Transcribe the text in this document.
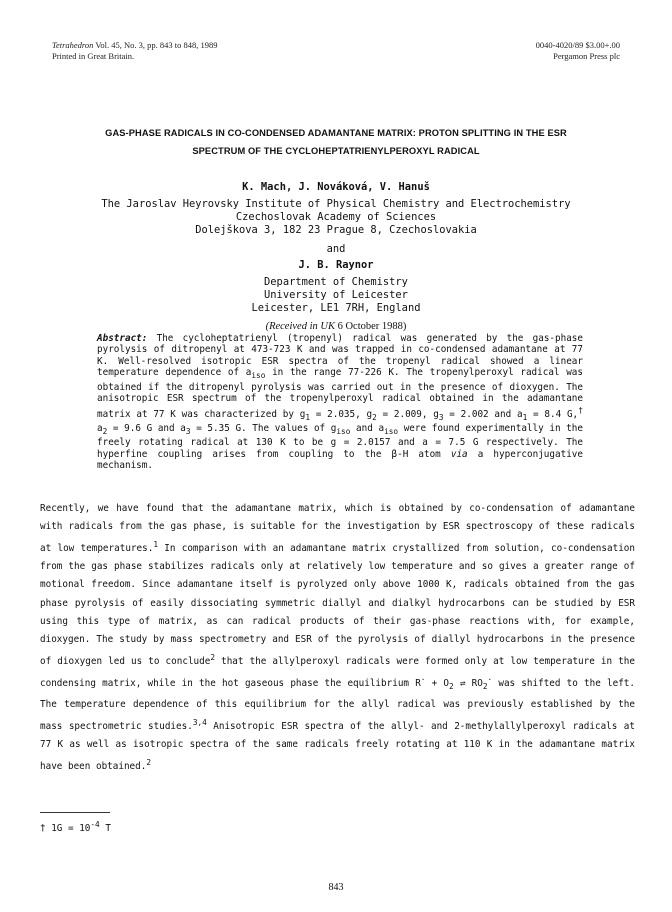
Tetrahedron Vol. 45, No. 3, pp. 843 to 848, 1989
Printed in Great Britain.
0040-4020/89 $3.00+.00
Pergamon Press plc
GAS-PHASE RADICALS IN CO-CONDENSED ADAMANTANE MATRIX: PROTON SPLITTING IN THE ESR
SPECTRUM OF THE CYCLOHEPTATRIENYLPEROXYL RADICAL
K. Mach, J. Nováková, V. Hanuš
The Jaroslav Heyrovsky Institute of Physical Chemistry and Electrochemistry
Czechoslovak Academy of Sciences
Dolejškova 3, 182 23 Prague 8, Czechoslovakia
and
J. B. Raynor
Department of Chemistry
University of Leicester
Leicester, LE1 7RH, England
(Received in UK 6 October 1988)
Abstract: The cycloheptatrienyl (tropenyl) radical was generated by the gas-phase pyrolysis of ditropenyl at 473-723 K and was trapped in co-condensed adamantane at 77 K. Well-resolved isotropic ESR spectra of the tropenyl radical showed a linear temperature dependence of $a_{iso}$ in the range 77-226 K. The tropenylperoxyl radical was obtained if the ditropenyl pyrolysis was carried out in the presence of dioxygen. The anisotropic ESR spectrum of the tropenylperoxyl radical obtained in the adamantane matrix at 77 K was characterized by $g_1 = 2.035$, $g_2 = 2.009$, $g_3 = 2.002$ and $a_1 = 8.4$ G,† $a_2 = 9.6$ G and $a_3 = 5.35$ G. The values of $g_{iso}$ and $a_{iso}$ were found experimentally in the freely rotating radical at 130 K to be g = 2.0157 and a = 7.5 G respectively. The hyperfine coupling arises from coupling to the β-H atom via a hyperconjugative mechanism.

Recently, we have found that the adamantane matrix, which is obtained by co-condensation of adamantane with radicals from the gas phase, is suitable for the investigation by ESR spectroscopy of these radicals at low temperatures.$^1$ In comparison with an adamantane matrix crystallized from solution, co-condensation from the gas phase stabilizes radicals only at relatively low temperature and so gives a greater range of motional freedom. Since adamantane itself is pyrolyzed only above 1000 K, radicals obtained from the gas phase pyrolysis of easily dissociating symmetric diallyl and dialkyl hydrocarbons can be studied by ESR using this type of matrix, as can radical products of their gas-phase reactions with, for example, dioxygen. The study by mass spectrometry and ESR of the pyrolysis of diallyl hydrocarbons in the presence of dioxygen led us to conclude$^2$ that the allylperoxyl radicals were formed only at low temperature in the condensing matrix, while in the hot gaseous phase the equilibrium $R^\cdot + O_2$ ⇌ $RO_2^\cdot$ was shifted to the left. The temperature dependence of this equilibrium for the allyl radical was previously established by the mass spectrometric studies.$^{3,4}$ Anisotropic ESR spectra of the allyl- and 2-methylallylperoxyl radicals at 77 K as well as isotropic spectra of the same radicals freely rotating at 110 K in the adamantane matrix have been obtained.$^2$

† $1G = 10^{-4}$ T
843
